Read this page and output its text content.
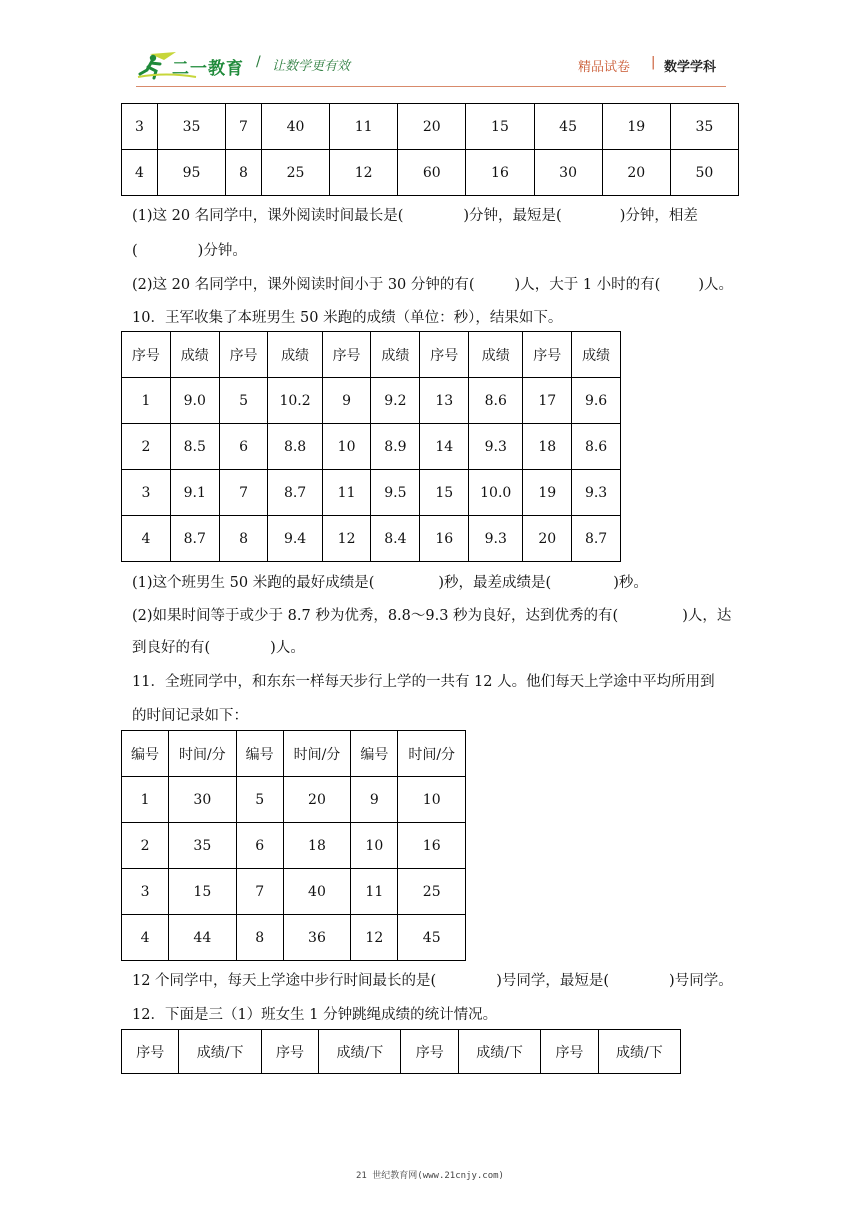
二一教育 / 让数学更有效	精品试卷 | 数学学科
3	35	7	40	11	20	15	45	19	35
4	95	8	25	12	60	16	30	20	50
(1)这 20 名同学中，课外阅读时间最长是(	)分钟，最短是(	)分钟，相差
(	)分钟。
(2)这 20 名同学中，课外阅读时间小于 30 分钟的有(	)人，大于 1 小时的有(	)人。
10．王军收集了本班男生 50 米跑的成绩（单位：秒），结果如下。
序号	成绩	序号	成绩	序号	成绩	序号	成绩	序号	成绩
1	9.0	5	10.2	9	9.2	13	8.6	17	9.6
2	8.5	6	8.8	10	8.9	14	9.3	18	8.6
3	9.1	7	8.7	11	9.5	15	10.0	19	9.3
4	8.7	8	9.4	12	8.4	16	9.3	20	8.7
(1)这个班男生 50 米跑的最好成绩是(	)秒，最差成绩是(	)秒。
(2)如果时间等于或少于 8.7 秒为优秀，8.8～9.3 秒为良好，达到优秀的有(	)人，达
到良好的有(	)人。
11．全班同学中，和东东一样每天步行上学的一共有 12 人。他们每天上学途中平均所用到
的时间记录如下：
编号	时间/分	编号	时间/分	编号	时间/分
1	30	5	20	9	10
2	35	6	18	10	16
3	15	7	40	11	25
4	44	8	36	12	45
12 个同学中，每天上学途中步行时间最长的是(	)号同学，最短是(	)号同学。
12．下面是三（1）班女生 1 分钟跳绳成绩的统计情况。
序号	成绩/下	序号	成绩/下	序号	成绩/下	序号	成绩/下
21 世纪教育网(www.21cnjy.com)
